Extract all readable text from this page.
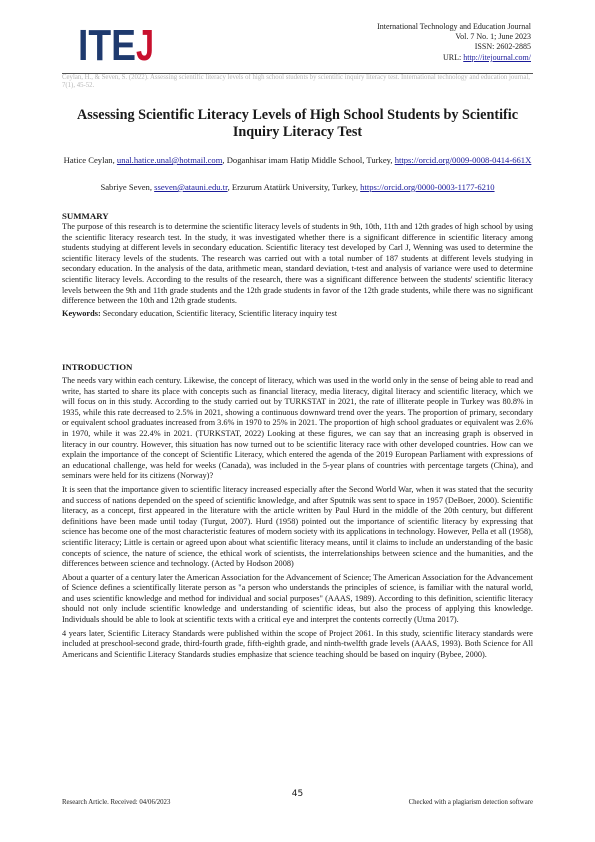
ITE J	International Technology and Education Journal
Vol. 7 No. 1; June 2023
ISSN: 2602-2885
URL: http://itejournal.com/
Ceylan, H., & Seven, S. (2022). Assessing scientific literacy levels of high school students by scientific inquiry literacy test. International technology and education journal, 7(1), 45-52.
Assessing Scientific Literacy Levels of High School Students by Scientific Inquiry Literacy Test
Hatice Ceylan, unal.hatice.unal@hotmail.com, Doganhisar imam Hatip Middle School, Turkey, https://orcid.org/0009-0008-0414-661X
Sabriye Seven, sseven@atauni.edu.tr, Erzurum Atatürk University, Turkey, https://orcid.org/0000-0003-1177-6210

SUMMARY

The purpose of this research is to determine the scientific literacy levels of students in 9th, 10th, 11th and 12th grades of high school by using the scientific literacy research test. In the study, it was investigated whether there is a significant difference in scientific literacy among students studying at different levels in secondary education. Scientific literacy test developed by Carl J, Wenning was used to determine the scientific literacy levels of the students. The research was carried out with a total number of 187 students at different levels studying in secondary education. In the analysis of the data, arithmetic mean, standard deviation, t-test and analysis of variance were used to determine scientific literacy levels. According to the results of the research, there was a significant difference between the students' scientific literacy levels between the 9th and 11th grade students and the 12th grade students in favor of the 12th grade students, while there was no significant difference between the 10th and 12th grade students.

Keywords: Secondary education, Scientific literacy, Scientific literacy inquiry test

INTRODUCTION

The needs vary within each century. Likewise, the concept of literacy, which was used in the world only in the sense of being able to read and write, has started to share its place with concepts such as financial literacy, media literacy, digital literacy and scientific literacy, which we will focus on in this study. According to the study carried out by TURKSTAT in 2021, the rate of illiterate people in Turkey was 80.8% in 1935, while this rate decreased to 2.5% in 2021, showing a continuous downward trend over the years. The proportion of primary, secondary or equivalent school graduates increased from 3.6% in 1970 to 25% in 2021. The proportion of high school graduates or equivalent was 2.6% in 1970, while it was 22.4% in 2021. (TURKSTAT, 2022) Looking at these figures, we can say that an increasing graph is observed in literacy in our country. However, this situation has now turned out to be scientific literacy race with other developed countries. How can we explain the importance of the concept of Scientific Literacy, which entered the agenda of the 2019 European Parliament with expressions of an educational challenge, was held for weeks (Canada), was included in the 5-year plans of countries with percentage targets (China), and seminars were held for its citizens (Norway)?

It is seen that the importance given to scientific literacy increased especially after the Second World War, when it was stated that the security and success of nations depended on the speed of scientific knowledge, and after Sputnik was sent to space in 1957 (DeBoer, 2000). Scientific literacy, as a concept, first appeared in the literature with the article written by Paul Hurd in the middle of the 20th century, but different definitions have been made until today (Turgut, 2007). Hurd (1958) pointed out the importance of scientific literacy by expressing that science has become one of the most characteristic features of modern society with its applications in technology. However, Pella et all (1958), scientific literacy; Little is certain or agreed upon about what scientific literacy means, until it claims to include an understanding of the basic concepts of science, the nature of science, the ethical work of scientists, the interrelationships between science and the humanities, and the differences between science and technology. (Acted by Hodson 2008)

About a quarter of a century later the American Association for the Advancement of Science; The American Association for the Advancement of Science defines a scientifically literate person as "a person who understands the principles of science, is familiar with the natural world, and uses scientific knowledge and method for individual and social purposes" (AAAS, 1989). According to this definition, scientific literacy should not only include scientific knowledge and understanding of scientific ideas, but also the process of applying this knowledge. Individuals should be able to look at scientific texts with a critical eye and interpret the contents correctly (Utma 2017).

4 years later, Scientific Literacy Standards were published within the scope of Project 2061. In this study, scientific literacy standards were included at preschool-second grade, third-fourth grade, fifth-eighth grade, and ninth-twelfth grade levels (AAAS, 1993). Both Science for All Americans and Scientific Literacy Standards studies emphasize that science teaching should be based on inquiry (Bybee, 2000).

45
Research Article. Received: 04/06/2023	Checked with a plagiarism detection software
